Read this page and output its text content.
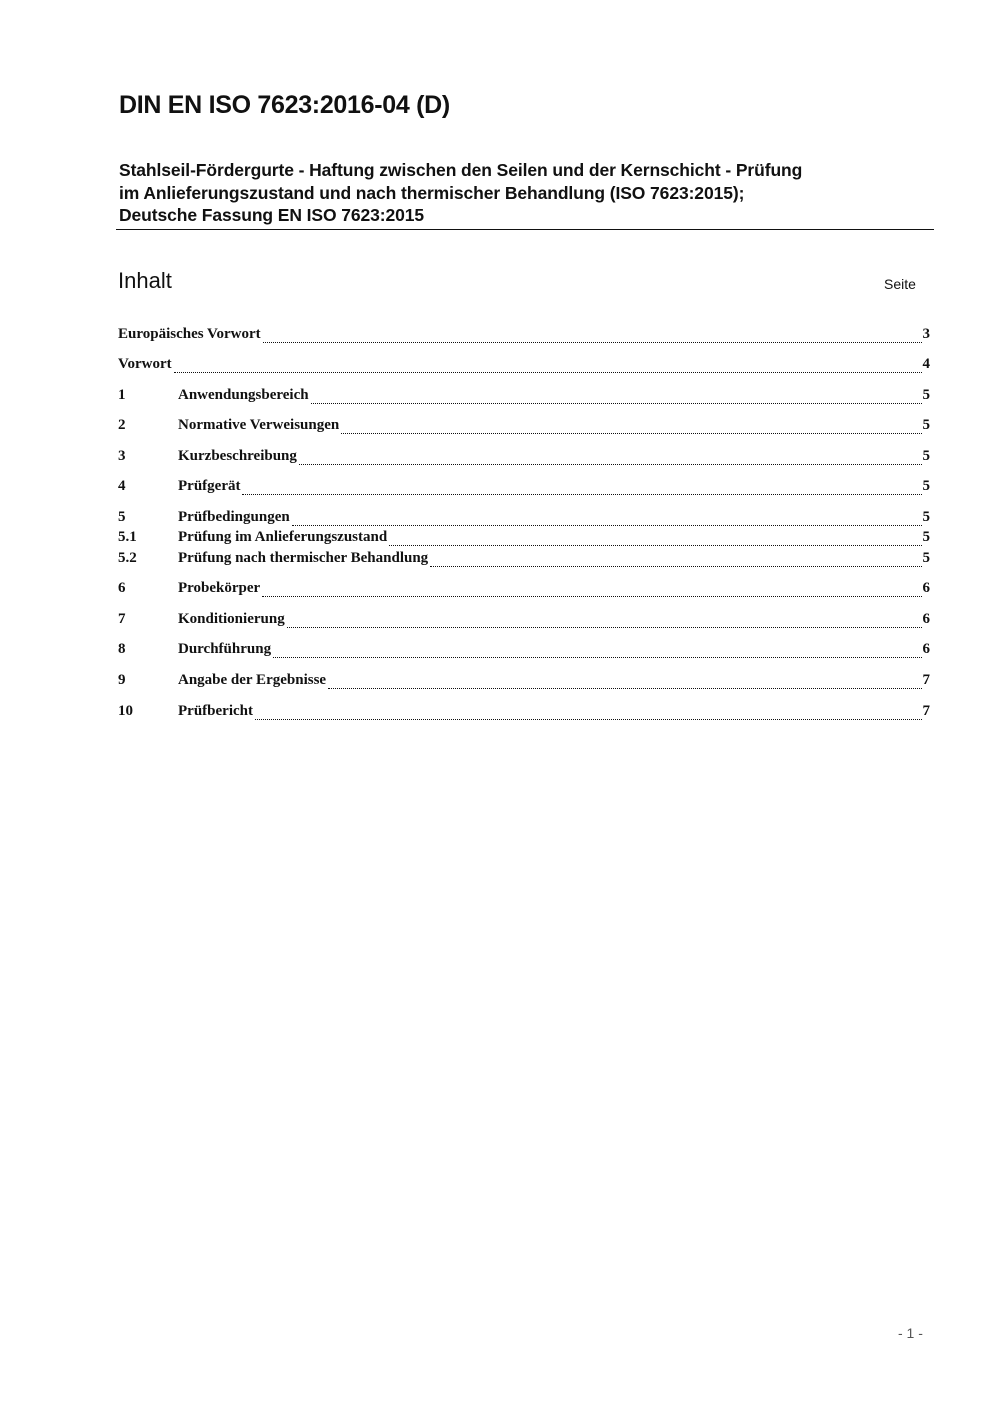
DIN EN ISO 7623:2016-04 (D)
Stahlseil-Fördergurte - Haftung zwischen den Seilen und der Kernschicht - Prüfung
im Anlieferungszustand und nach thermischer Behandlung (ISO 7623:2015);
Deutsche Fassung EN ISO 7623:2015
Inhalt	Seite
Europäisches Vorwort	3
Vorwort	4
1	Anwendungsbereich	5
2	Normative Verweisungen	5
3	Kurzbeschreibung	5
4	Prüfgerät	5
5	Prüfbedingungen	5
5.1	Prüfung im Anlieferungszustand	5
5.2	Prüfung nach thermischer Behandlung	5
6	Probekörper	6
7	Konditionierung	6
8	Durchführung	6
9	Angabe der Ergebnisse	7
10	Prüfbericht	7
- 1 -
